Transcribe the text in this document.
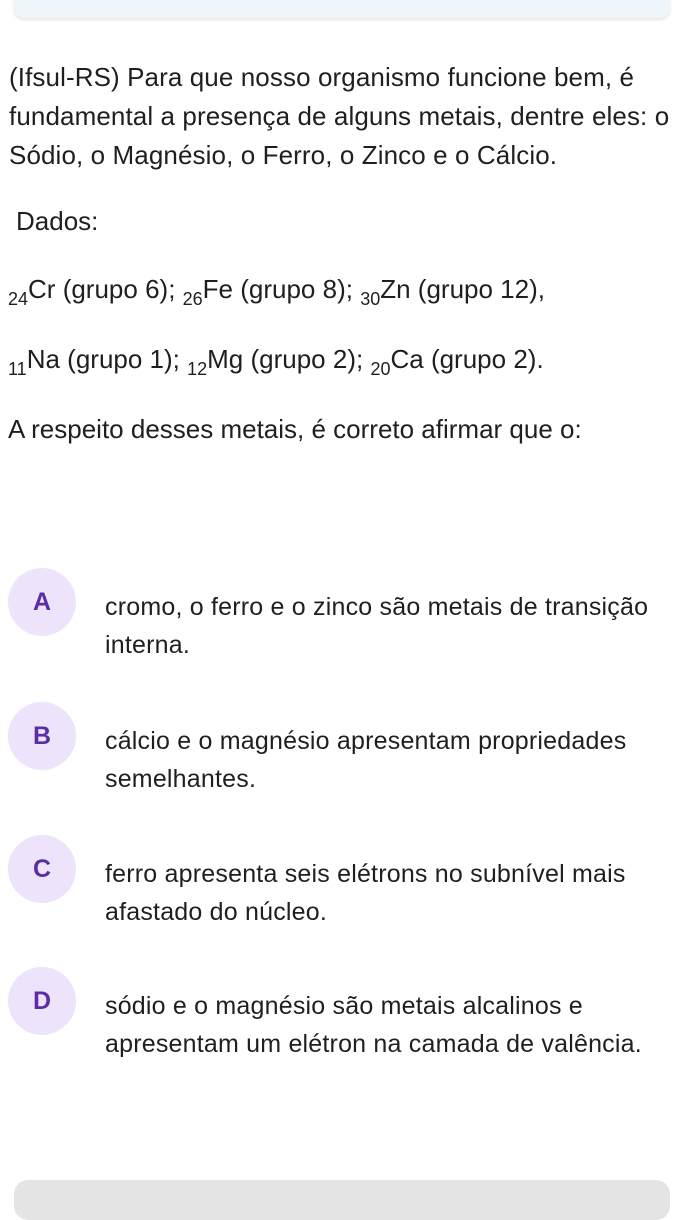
(Ifsul-RS) Para que nosso organismo funcione bem, é fundamental a presença de alguns metais, dentre eles: o Sódio, o Magnésio, o Ferro, o Zinco e o Cálcio.
Dados:
$_{24}$Cr (grupo 6); $_{26}$Fe (grupo 8); $_{30}$Zn (grupo 12),
$_{11}$Na (grupo 1); $_{12}$Mg (grupo 2); $_{20}$Ca (grupo 2).
A respeito desses metais, é correto afirmar que o:
A	cromo, o ferro e o zinco são metais de transição interna.
B	cálcio e o magnésio apresentam propriedades semelhantes.
C	ferro apresenta seis elétrons no subnível mais afastado do núcleo.
D	sódio e o magnésio são metais alcalinos e apresentam um elétron na camada de valência.
